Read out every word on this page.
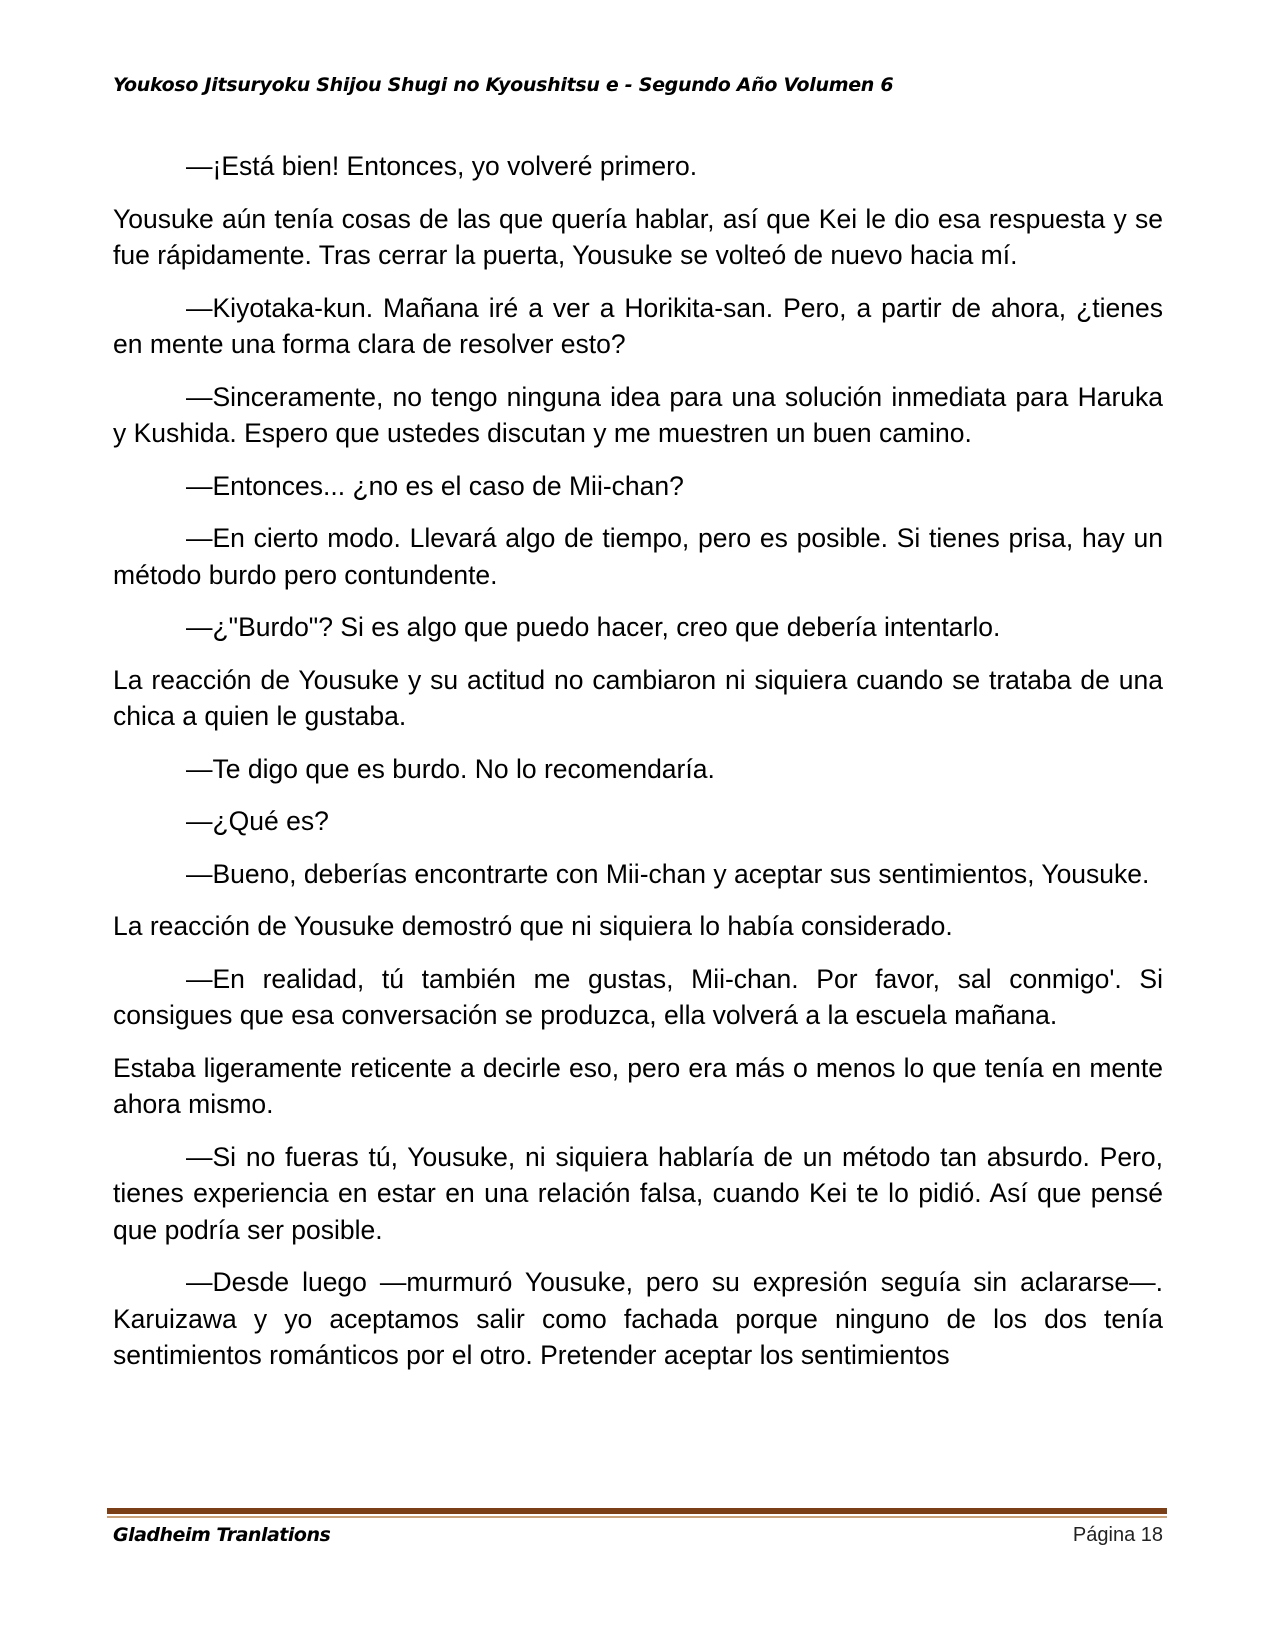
Youkoso Jitsuryoku Shijou Shugi no Kyoushitsu e - Segundo Año Volumen 6

—¡Está bien! Entonces, yo volveré primero.

Yousuke aún tenía cosas de las que quería hablar, así que Kei le dio esa respuesta y se fue rápidamente. Tras cerrar la puerta, Yousuke se volteó de nuevo hacia mí.

—Kiyotaka-kun. Mañana iré a ver a Horikita-san. Pero, a partir de ahora, ¿tienes en mente una forma clara de resolver esto?

—Sinceramente, no tengo ninguna idea para una solución inmediata para Haruka y Kushida. Espero que ustedes discutan y me muestren un buen camino.

—Entonces... ¿no es el caso de Mii-chan?

—En cierto modo. Llevará algo de tiempo, pero es posible. Si tienes prisa, hay un método burdo pero contundente.

—¿"Burdo"? Si es algo que puedo hacer, creo que debería intentarlo.

La reacción de Yousuke y su actitud no cambiaron ni siquiera cuando se trataba de una chica a quien le gustaba.

—Te digo que es burdo. No lo recomendaría.

—¿Qué es?

—Bueno, deberías encontrarte con Mii-chan y aceptar sus sentimientos, Yousuke.

La reacción de Yousuke demostró que ni siquiera lo había considerado.

—En realidad, tú también me gustas, Mii-chan. Por favor, sal conmigo'. Si consigues que esa conversación se produzca, ella volverá a la escuela mañana.

Estaba ligeramente reticente a decirle eso, pero era más o menos lo que tenía en mente ahora mismo.

—Si no fueras tú, Yousuke, ni siquiera hablaría de un método tan absurdo. Pero, tienes experiencia en estar en una relación falsa, cuando Kei te lo pidió. Así que pensé que podría ser posible.

—Desde luego —murmuró Yousuke, pero su expresión seguía sin aclararse—. Karuizawa y yo aceptamos salir como fachada porque ninguno de los dos tenía sentimientos románticos por el otro. Pretender aceptar los sentimientos

Gladheim Tranlations	Página 18
